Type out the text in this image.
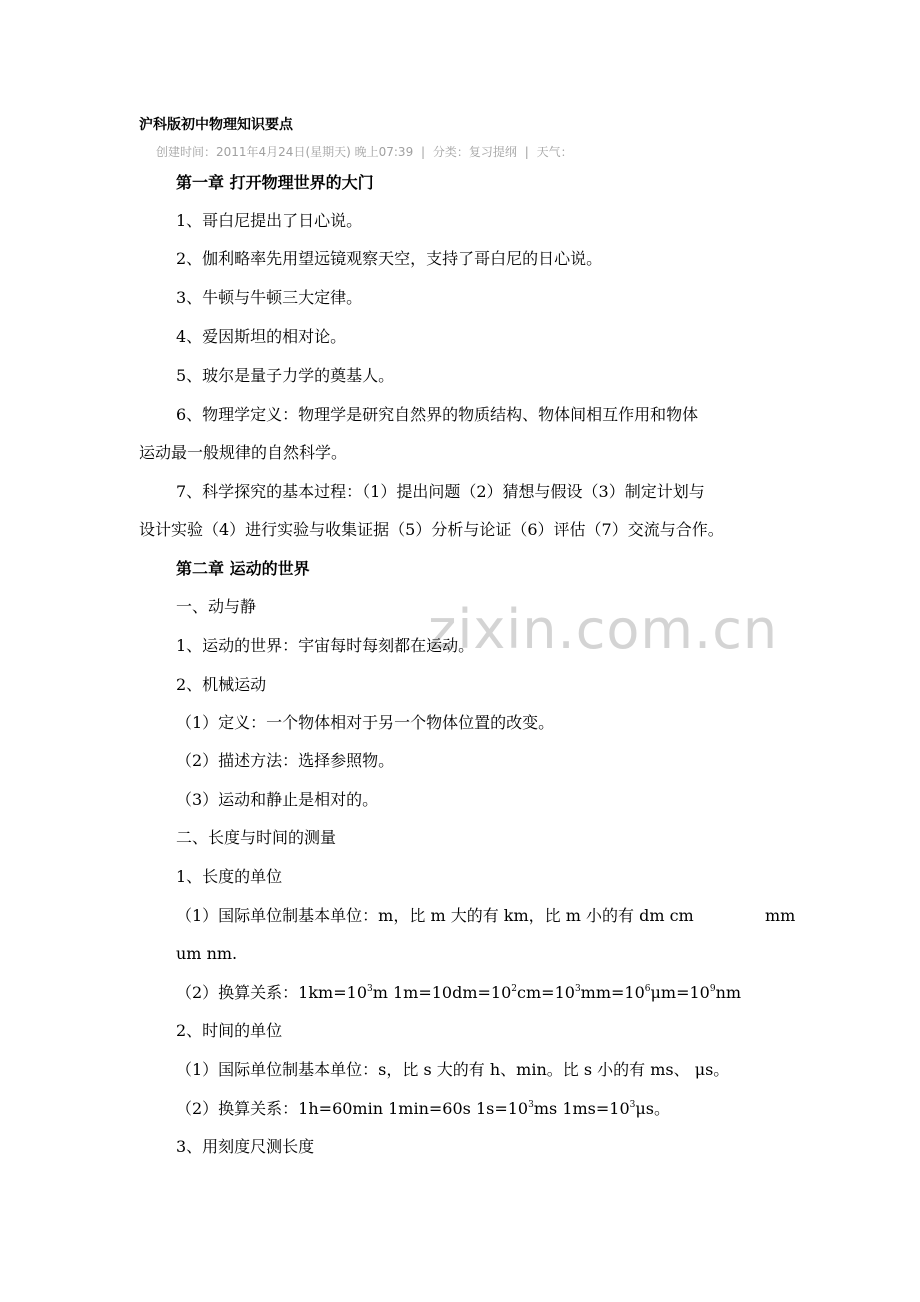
zixin.com.cn
沪科版初中物理知识要点
创建时间：2011年4月24日(星期天) 晚上07:39 | 分类：复习提纲 | 天气：
第一章 打开物理世界的大门
1、哥白尼提出了日心说。
2、伽利略率先用望远镜观察天空，支持了哥白尼的日心说。
3、牛顿与牛顿三大定律。
4、爱因斯坦的相对论。
5、玻尔是量子力学的奠基人。
6、物理学定义：物理学是研究自然界的物质结构、物体间相互作用和物体
运动最一般规律的自然科学。
7、科学探究的基本过程：（1）提出问题（2）猜想与假设（3）制定计划与
设计实验（4）进行实验与收集证据（5）分析与论证（6）评估（7）交流与合作。
第二章 运动的世界
一、动与静
1、运动的世界：宇宙每时每刻都在运动。
2、机械运动
（1）定义：一个物体相对于另一个物体位置的改变。
（2）描述方法：选择参照物。
（3）运动和静止是相对的。
二、长度与时间的测量
1、长度的单位
（1）国际单位制基本单位：m，比 m 大的有 km，比 m 小的有 dm cm	mm
um nm.
（2）换算关系：$1km=10^3m$ $1m=10dm=10^2cm=10^3mm=10^6\mu m=10^9nm$
2、时间的单位
（1）国际单位制基本单位：s，比 s 大的有 h、min。比 s 小的有 ms、 μs。
（2）换算关系：1h=60min 1min=60s $1s=10^3ms$ $1ms=10^3\mu s$。
3、用刻度尺测长度
